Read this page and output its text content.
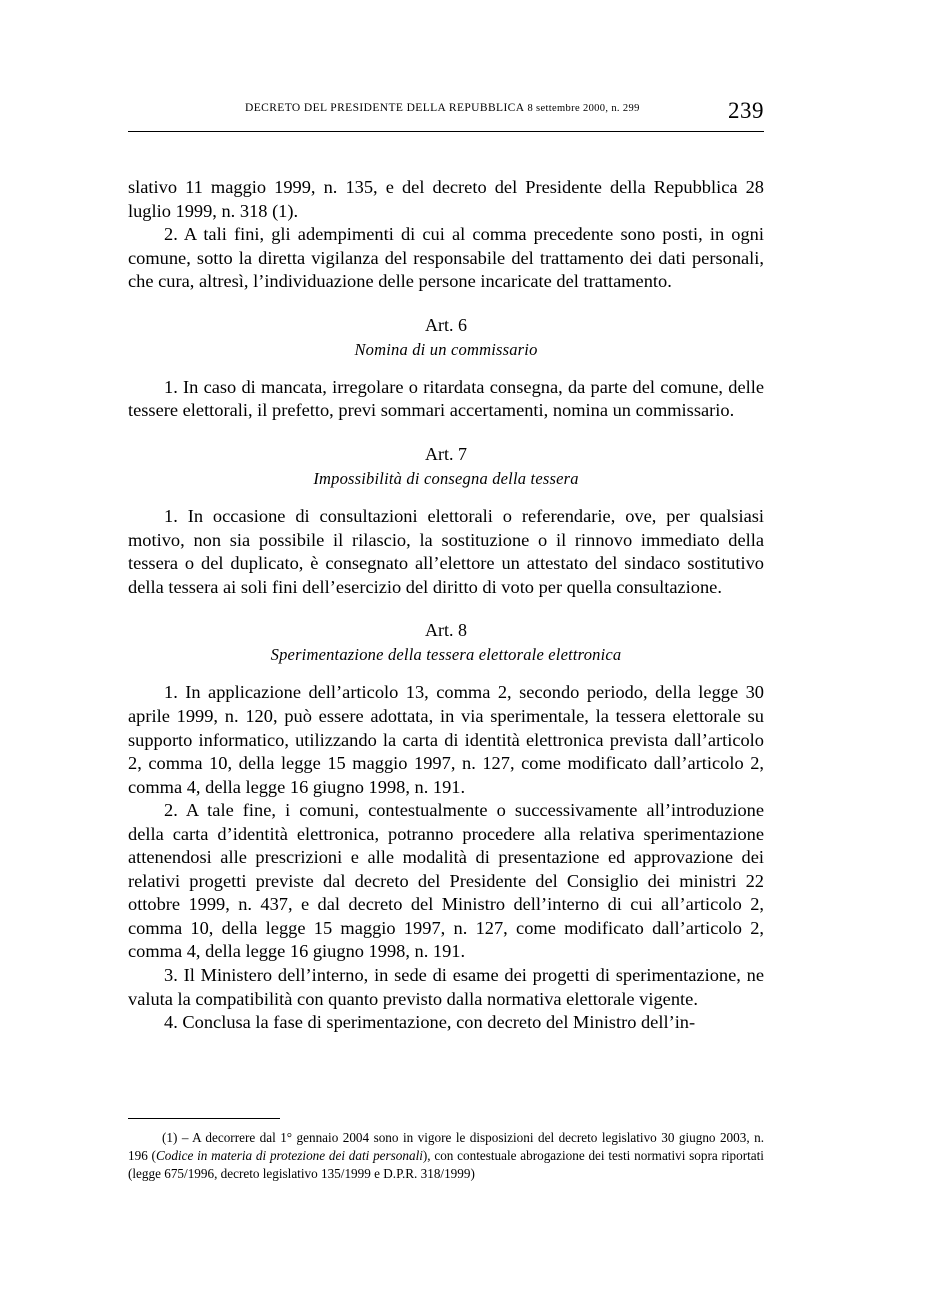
DECRETO DEL PRESIDENTE DELLA REPUBBLICA 8 settembre 2000, n. 299	239

slativo 11 maggio 1999, n. 135, e del decreto del Presidente della Repubblica 28 luglio 1999, n. 318 (1).

2. A tali fini, gli adempimenti di cui al comma precedente sono posti, in ogni comune, sotto la diretta vigilanza del responsabile del trattamento dei dati personali, che cura, altresì, l’individuazione delle persone incaricate del trattamento.

Art. 6
Nomina di un commissario

1. In caso di mancata, irregolare o ritardata consegna, da parte del comune, delle tessere elettorali, il prefetto, previ sommari accertamenti, nomina un commissario.

Art. 7
Impossibilità di consegna della tessera

1. In occasione di consultazioni elettorali o referendarie, ove, per qualsiasi motivo, non sia possibile il rilascio, la sostituzione o il rinnovo immediato della tessera o del duplicato, è consegnato all’elettore un attestato del sindaco sostitutivo della tessera ai soli fini dell’esercizio del diritto di voto per quella consultazione.

Art. 8
Sperimentazione della tessera elettorale elettronica

1. In applicazione dell’articolo 13, comma 2, secondo periodo, della legge 30 aprile 1999, n. 120, può essere adottata, in via sperimentale, la tessera elettorale su supporto informatico, utilizzando la carta di identità elettronica prevista dall’articolo 2, comma 10, della legge 15 maggio 1997, n. 127, come modificato dall’articolo 2, comma 4, della legge 16 giugno 1998, n. 191.

2. A tale fine, i comuni, contestualmente o successivamente all’introduzione della carta d’identità elettronica, potranno procedere alla relativa sperimentazione attenendosi alle prescrizioni e alle modalità di presentazione ed approvazione dei relativi progetti previste dal decreto del Presidente del Consiglio dei ministri 22 ottobre 1999, n. 437, e dal decreto del Ministro dell’interno di cui all’articolo 2, comma 10, della legge 15 maggio 1997, n. 127, come modificato dall’articolo 2, comma 4, della legge 16 giugno 1998, n. 191.

3. Il Ministero dell’interno, in sede di esame dei progetti di sperimentazione, ne valuta la compatibilità con quanto previsto dalla normativa elettorale vigente.

4. Conclusa la fase di sperimentazione, con decreto del Ministro dell’in-

(1) – A decorrere dal 1° gennaio 2004 sono in vigore le disposizioni del decreto legislativo 30 giugno 2003, n. 196 (Codice in materia di protezione dei dati personali), con contestuale abrogazione dei testi normativi sopra riportati (legge 675/1996, decreto legislativo 135/1999 e D.P.R. 318/1999)
